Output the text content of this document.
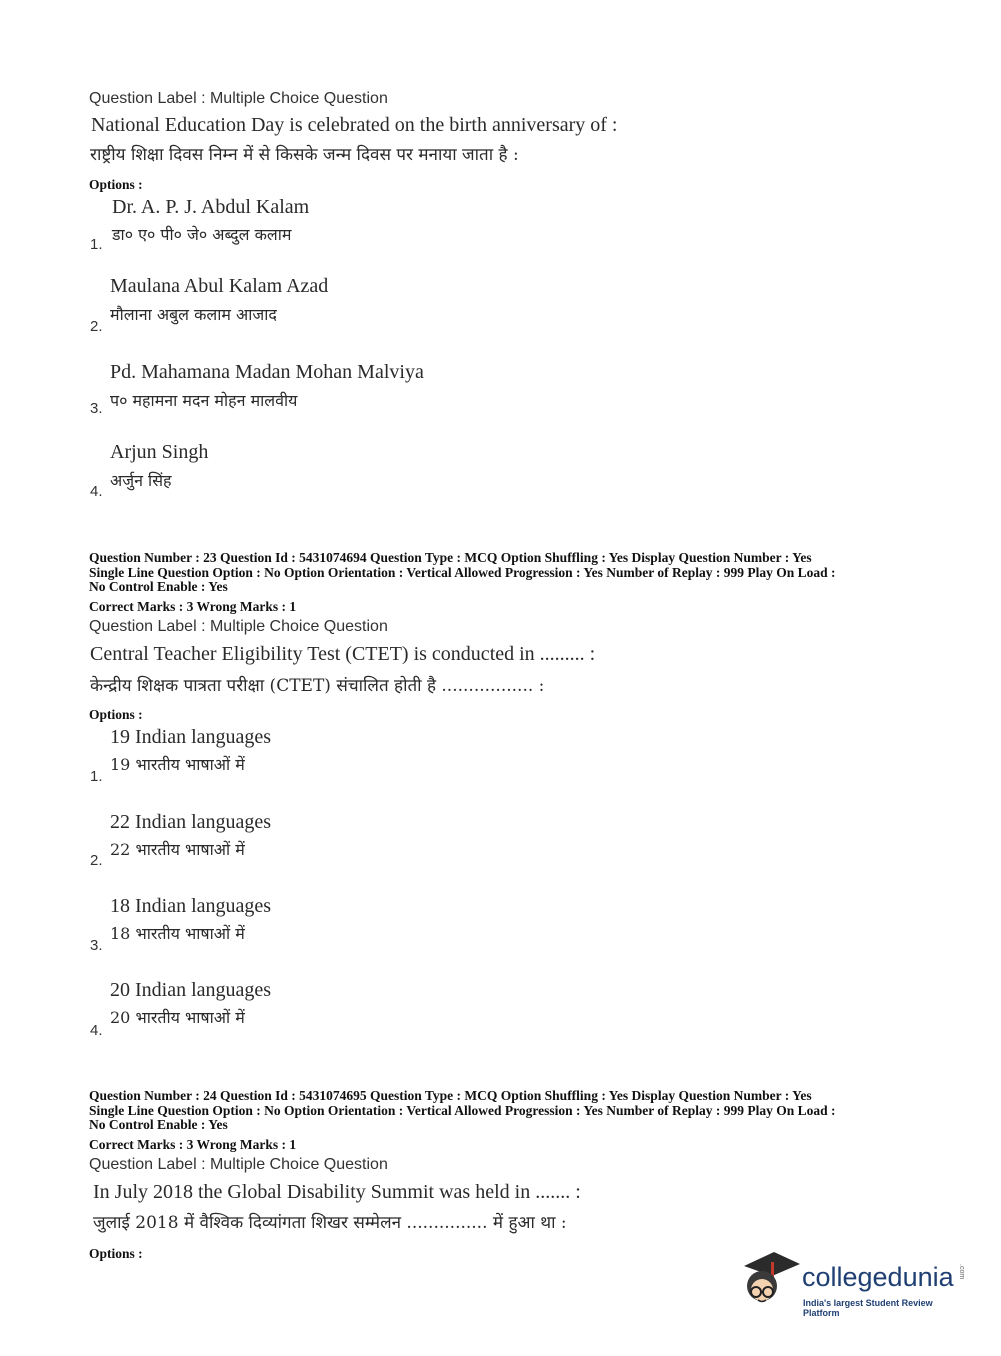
Question Label : Multiple Choice Question
National Education Day is celebrated on the birth anniversary of :
राष्ट्रीय शिक्षा दिवस निम्न में से किसके जन्म दिवस पर मनाया जाता है :
Options :
Dr. A. P. J. Abdul Kalam
डा० ए० पी० जे० अब्दुल कलाम
1.
Maulana Abul Kalam Azad
मौलाना अबुल कलाम आजाद
2.
Pd. Mahamana Madan Mohan Malviya
प० महामना मदन मोहन मालवीय
3.
Arjun Singh
अर्जुन सिंह
4.
Question Number : 23 Question Id : 5431074694 Question Type : MCQ Option Shuffling : Yes Display Question Number : Yes
Single Line Question Option : No Option Orientation : Vertical Allowed Progression : Yes Number of Replay : 999 Play On Load :
No Control Enable : Yes
Correct Marks : 3 Wrong Marks : 1
Question Label : Multiple Choice Question
Central Teacher Eligibility Test (CTET) is conducted in ......... :
केन्द्रीय शिक्षक पात्रता परीक्षा (CTET) संचालित होती है ................. :
Options :
19 Indian languages
19 भारतीय भाषाओं में
1.
22 Indian languages
22 भारतीय भाषाओं में
2.
18 Indian languages
18 भारतीय भाषाओं में
3.
20 Indian languages
20 भारतीय भाषाओं में
4.
Question Number : 24 Question Id : 5431074695 Question Type : MCQ Option Shuffling : Yes Display Question Number : Yes
Single Line Question Option : No Option Orientation : Vertical Allowed Progression : Yes Number of Replay : 999 Play On Load :
No Control Enable : Yes
Correct Marks : 3 Wrong Marks : 1
Question Label : Multiple Choice Question
In July 2018 the Global Disability Summit was held in ....... :
जुलाई 2018 में वैश्विक दिव्यांगता शिखर सम्मेलन ............... में हुआ था :
Options :
collegedunia .com
India's largest Student Review Platform
